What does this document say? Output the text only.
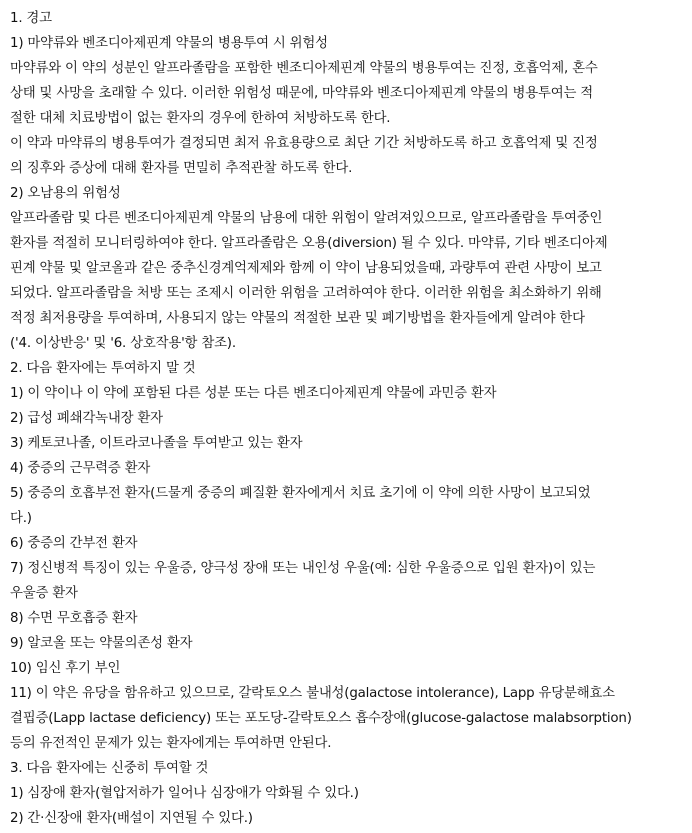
1. 경고
1) 마약류와 벤조디아제핀계 약물의 병용투여 시 위험성
마약류와 이 약의 성분인 알프라졸람을 포함한 벤조디아제핀계 약물의 병용투여는 진정, 호흡억제, 혼수
상태 및 사망을 초래할 수 있다. 이러한 위험성 때문에, 마약류와 벤조디아제핀계 약물의 병용투여는 적
절한 대체 치료방법이 없는 환자의 경우에 한하여 처방하도록 한다.
이 약과 마약류의 병용투여가 결정되면 최저 유효용량으로 최단 기간 처방하도록 하고 호흡억제 및 진정
의 징후와 증상에 대해 환자를 면밀히 추적관찰 하도록 한다.
2) 오남용의 위험성
알프라졸람 및 다른 벤조디아제핀계 약물의 남용에 대한 위험이 알려져있으므로, 알프라졸람을 투여중인
환자를 적절히 모니터링하여야 한다. 알프라졸람은 오용(diversion) 될 수 있다. 마약류, 기타 벤조디아제
핀계 약물 및 알코올과 같은 중추신경계억제제와 함께 이 약이 남용되었을때, 과량투여 관련 사망이 보고
되었다. 알프라졸람을 처방 또는 조제시 이러한 위험을 고려하여야 한다. 이러한 위험을 최소화하기 위해
적정 최저용량을 투여하며, 사용되지 않는 약물의 적절한 보관 및 폐기방법을 환자들에게 알려야 한다
('4. 이상반응' 및 '6. 상호작용'항 참조).
2. 다음 환자에는 투여하지 말 것
1) 이 약이나 이 약에 포함된 다른 성분 또는 다른 벤조디아제핀계 약물에 과민증 환자
2) 급성 폐쇄각녹내장 환자
3) 케토코나졸, 이트라코나졸을 투여받고 있는 환자
4) 중증의 근무력증 환자
5) 중증의 호흡부전 환자(드물게 중증의 폐질환 환자에게서 치료 초기에 이 약에 의한 사망이 보고되었
다.)
6) 중증의 간부전 환자
7) 정신병적 특징이 있는 우울증, 양극성 장애 또는 내인성 우울(예: 심한 우울증으로 입원 환자)이 있는
우울증 환자
8) 수면 무호흡증 환자
9) 알코올 또는 약물의존성 환자
10) 임신 후기 부인
11) 이 약은 유당을 함유하고 있으므로, 갈락토오스 불내성(galactose intolerance), Lapp 유당분해효소
결핍증(Lapp lactase deficiency) 또는 포도당-갈락토오스 흡수장애(glucose-galactose malabsorption)
등의 유전적인 문제가 있는 환자에게는 투여하면 안된다.
3. 다음 환자에는 신중히 투여할 것
1) 심장애 환자(혈압저하가 일어나 심장애가 악화될 수 있다.)
2) 간·신장애 환자(배설이 지연될 수 있다.)
